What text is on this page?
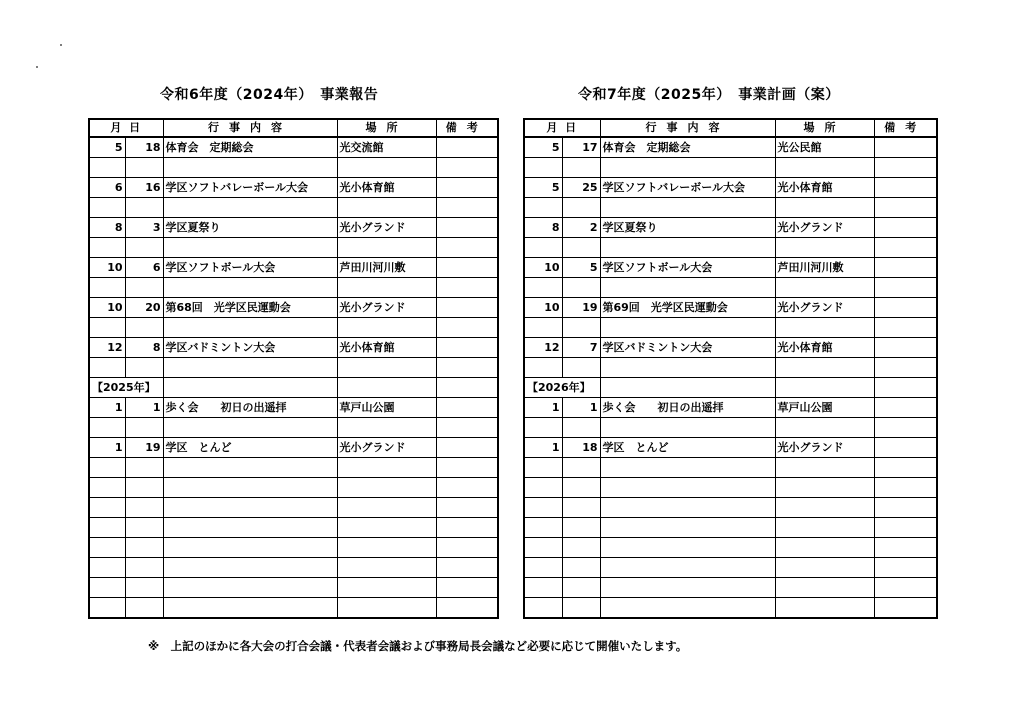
令和6年度（2024年）　事業報告	令和7年度（2025年）　事業計画（案）
月 日		行事内容	場所	備考
5	18	体育会　定期総会	光交流館	

6	16	学区ソフトバレーボール大会	光小体育館	

8	3	学区夏祭り	光小グランド	

10	6	学区ソフトボール大会	芦田川河川敷	

10	20	第68回　光学区民運動会	光小グランド	

12	8	学区バドミントン大会	光小体育館	

【2025年】				
1	1	歩く会　　初日の出遥拝	草戸山公園	

1	19	学区　とんど	光小グランド	

月 日		行事内容	場所	備考
5	17	体育会　定期総会	光公民館	

5	25	学区ソフトバレーボール大会	光小体育館	

8	2	学区夏祭り	光小グランド	

10	5	学区ソフトボール大会	芦田川河川敷	

10	19	第69回　光学区民運動会	光小グランド	

12	7	学区バドミントン大会	光小体育館	

【2026年】				
1	1	歩く会　　初日の出遥拝	草戸山公園	

1	18	学区　とんど	光小グランド	

※　上記のほかに各大会の打合会議・代表者会議および事務局長会議など必要に応じて開催いたします。
